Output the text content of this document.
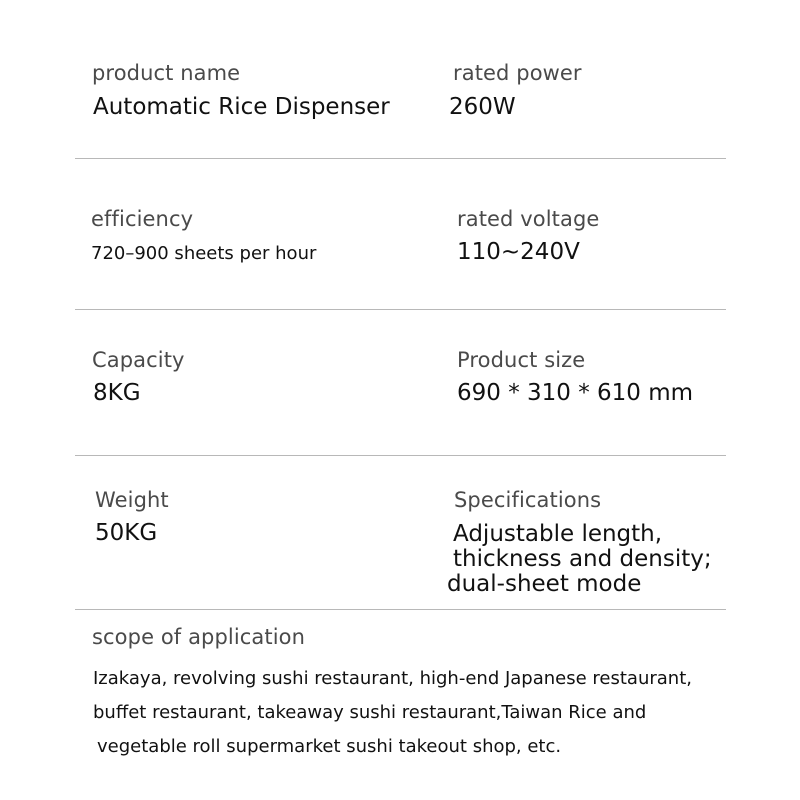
product name
Automatic Rice Dispenser
rated power
260W
efficiency
720–900 sheets per hour
rated voltage
110~240V
Capacity
8KG
Product size
690 * 310 * 610 mm
Weight
50KG
Specifications
Adjustable length,
thickness and density;
dual-sheet mode
scope of application
Izakaya, revolving sushi restaurant, high-end Japanese restaurant,
buffet restaurant, takeaway sushi restaurant,Taiwan Rice and
vegetable roll supermarket sushi takeout shop, etc.
